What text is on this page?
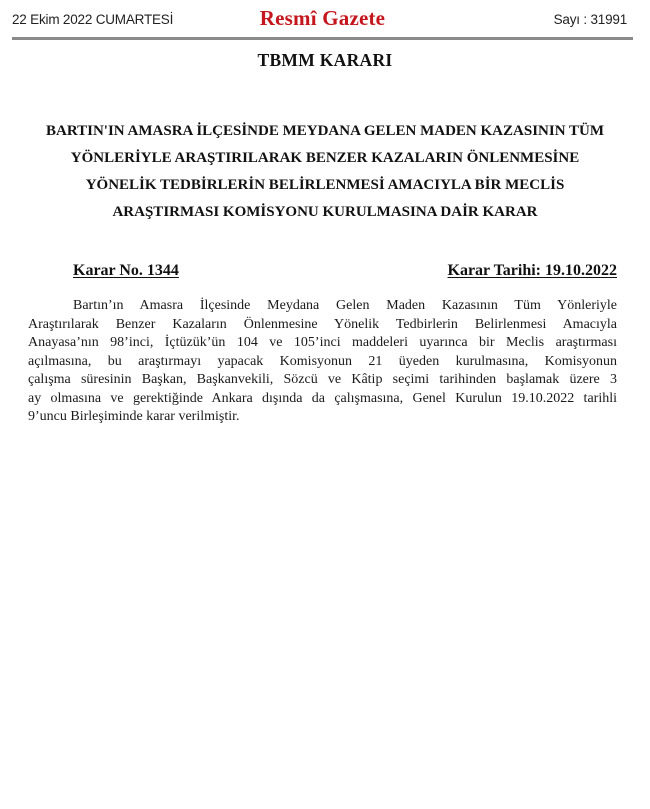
22 Ekim 2022 CUMARTESİ	Resmî Gazete	Sayı : 31991
TBMM KARARI
BARTIN'IN AMASRA İLÇESİNDE MEYDANA GELEN MADEN KAZASININ TÜM
YÖNLERİYLE ARAŞTIRILARAK BENZER KAZALARIN ÖNLENMESİNE
YÖNELİK TEDBİRLERİN BELİRLENMESİ AMACIYLA BİR MECLİS
ARAŞTIRMASI KOMİSYONU KURULMASINA DAİR KARAR
Karar No. 1344	Karar Tarihi: 19.10.2022
Bartın’ın Amasra İlçesinde Meydana Gelen Maden Kazasının Tüm Yönleriyle
Araştırılarak Benzer Kazaların Önlenmesine Yönelik Tedbirlerin Belirlenmesi Amacıyla
Anayasa’nın 98’inci, İçtüzük’ün 104 ve 105’inci maddeleri uyarınca bir Meclis araştırması
açılmasına, bu araştırmayı yapacak Komisyonun 21 üyeden kurulmasına, Komisyonun
çalışma süresinin Başkan, Başkanvekili, Sözcü ve Kâtip seçimi tarihinden başlamak üzere 3
ay olmasına ve gerektiğinde Ankara dışında da çalışmasına, Genel Kurulun 19.10.2022 tarihli
9’uncu Birleşiminde karar verilmiştir.
